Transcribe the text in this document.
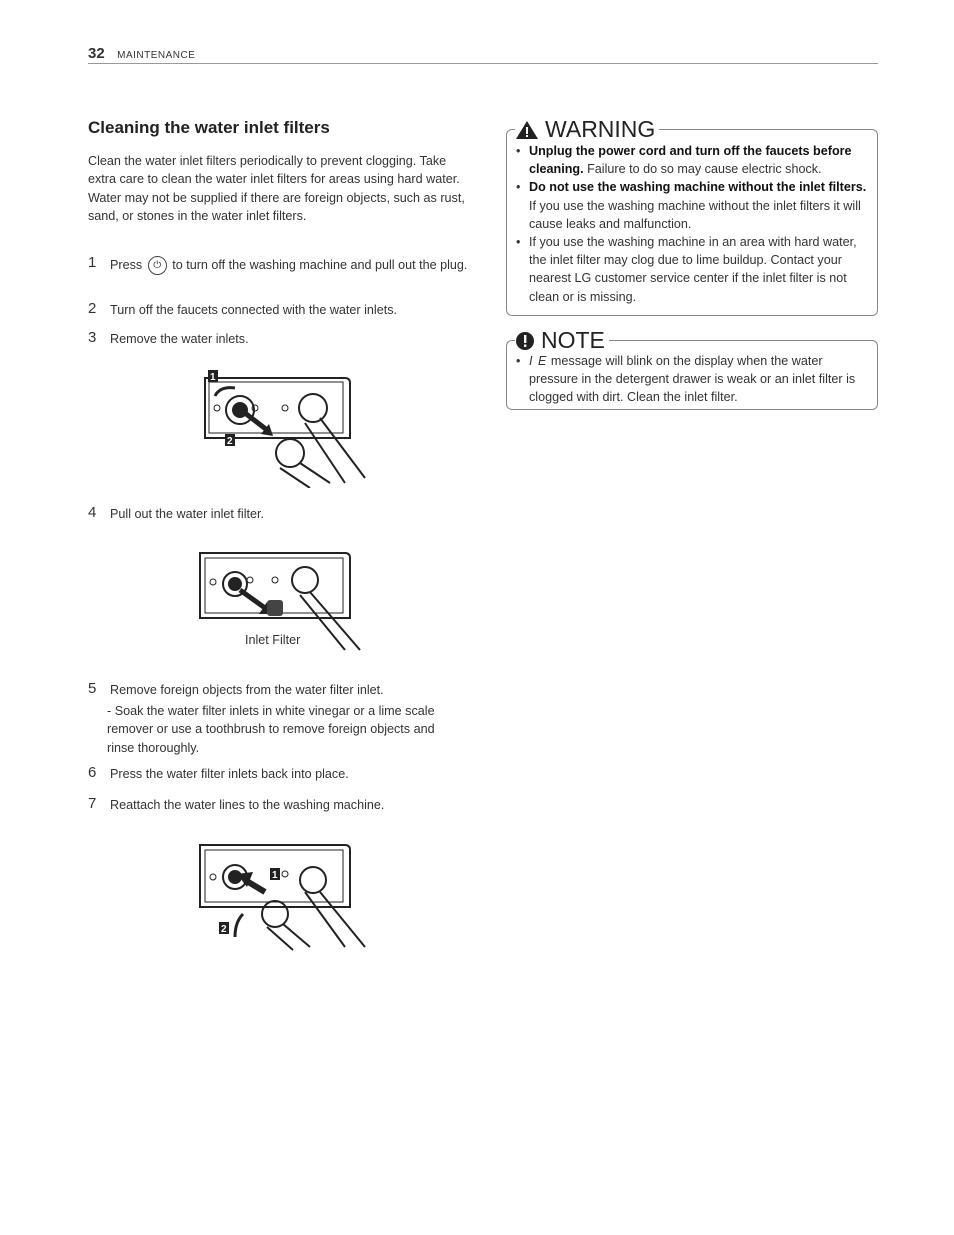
32 MAINTENANCE
Cleaning the water inlet filters
Clean the water inlet filters periodically to prevent clogging. Take extra care to clean the water inlet filters for areas using hard water. Water may not be supplied if there are foreign objects, such as rust, sand, or stones in the water inlet filters.
1 Press ⏻ to turn off the washing machine and pull out the plug.
2 Turn off the faucets connected with the water inlets.
3 Remove the water inlets.
1
2
4 Pull out the water inlet filter.
Inlet Filter
5 Remove foreign objects from the water filter inlet.
- Soak the water filter inlets in white vinegar or a lime scale remover or use a toothbrush to remove foreign objects and rinse thoroughly.
6 Press the water filter inlets back into place.
7 Reattach the water lines to the washing machine.
1
2
WARNING
• Unplug the power cord and turn off the faucets before cleaning. Failure to do so may cause electric shock.
• Do not use the washing machine without the inlet filters. If you use the washing machine without the inlet filters it will cause leaks and malfunction.
• If you use the washing machine in an area with hard water, the inlet filter may clog due to lime buildup. Contact your nearest LG customer service center if the inlet filter is not clean or is missing.
NOTE
• I E message will blink on the display when the water pressure in the detergent drawer is weak or an inlet filter is clogged with dirt. Clean the inlet filter.
